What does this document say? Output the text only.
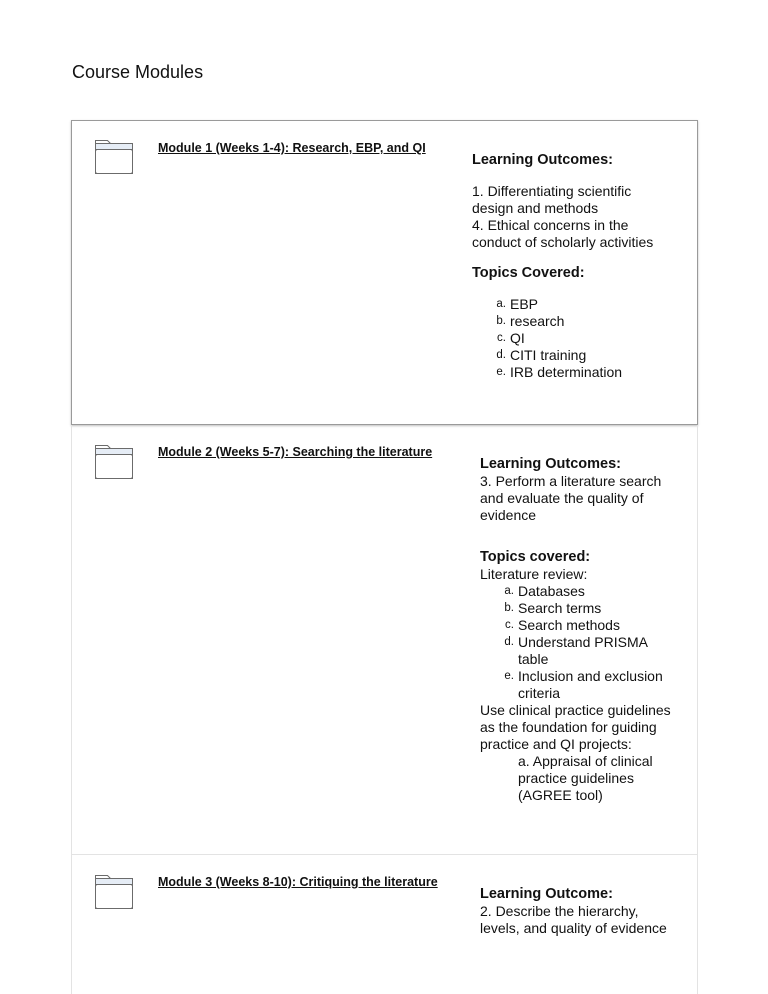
Course Modules
Module 1 (Weeks 1-4): Research, EBP, and QI
Learning Outcomes:
1. Differentiating scientific design and methods
4. Ethical concerns in the conduct of scholarly activities
Topics Covered:
a. EBP
b. research
c. QI
d. CITI training
e. IRB determination
Module 2 (Weeks 5-7): Searching the literature
Learning Outcomes:
3. Perform a literature search and evaluate the quality of evidence
Topics covered:
Literature review:
a. Databases
b. Search terms
c. Search methods
d. Understand PRISMA table
e. Inclusion and exclusion criteria
Use clinical practice guidelines as the foundation for guiding practice and QI projects:
a. Appraisal of clinical practice guidelines (AGREE tool)
Module 3 (Weeks 8-10): Critiquing the literature
Learning Outcome:
2. Describe the hierarchy, levels, and quality of evidence
